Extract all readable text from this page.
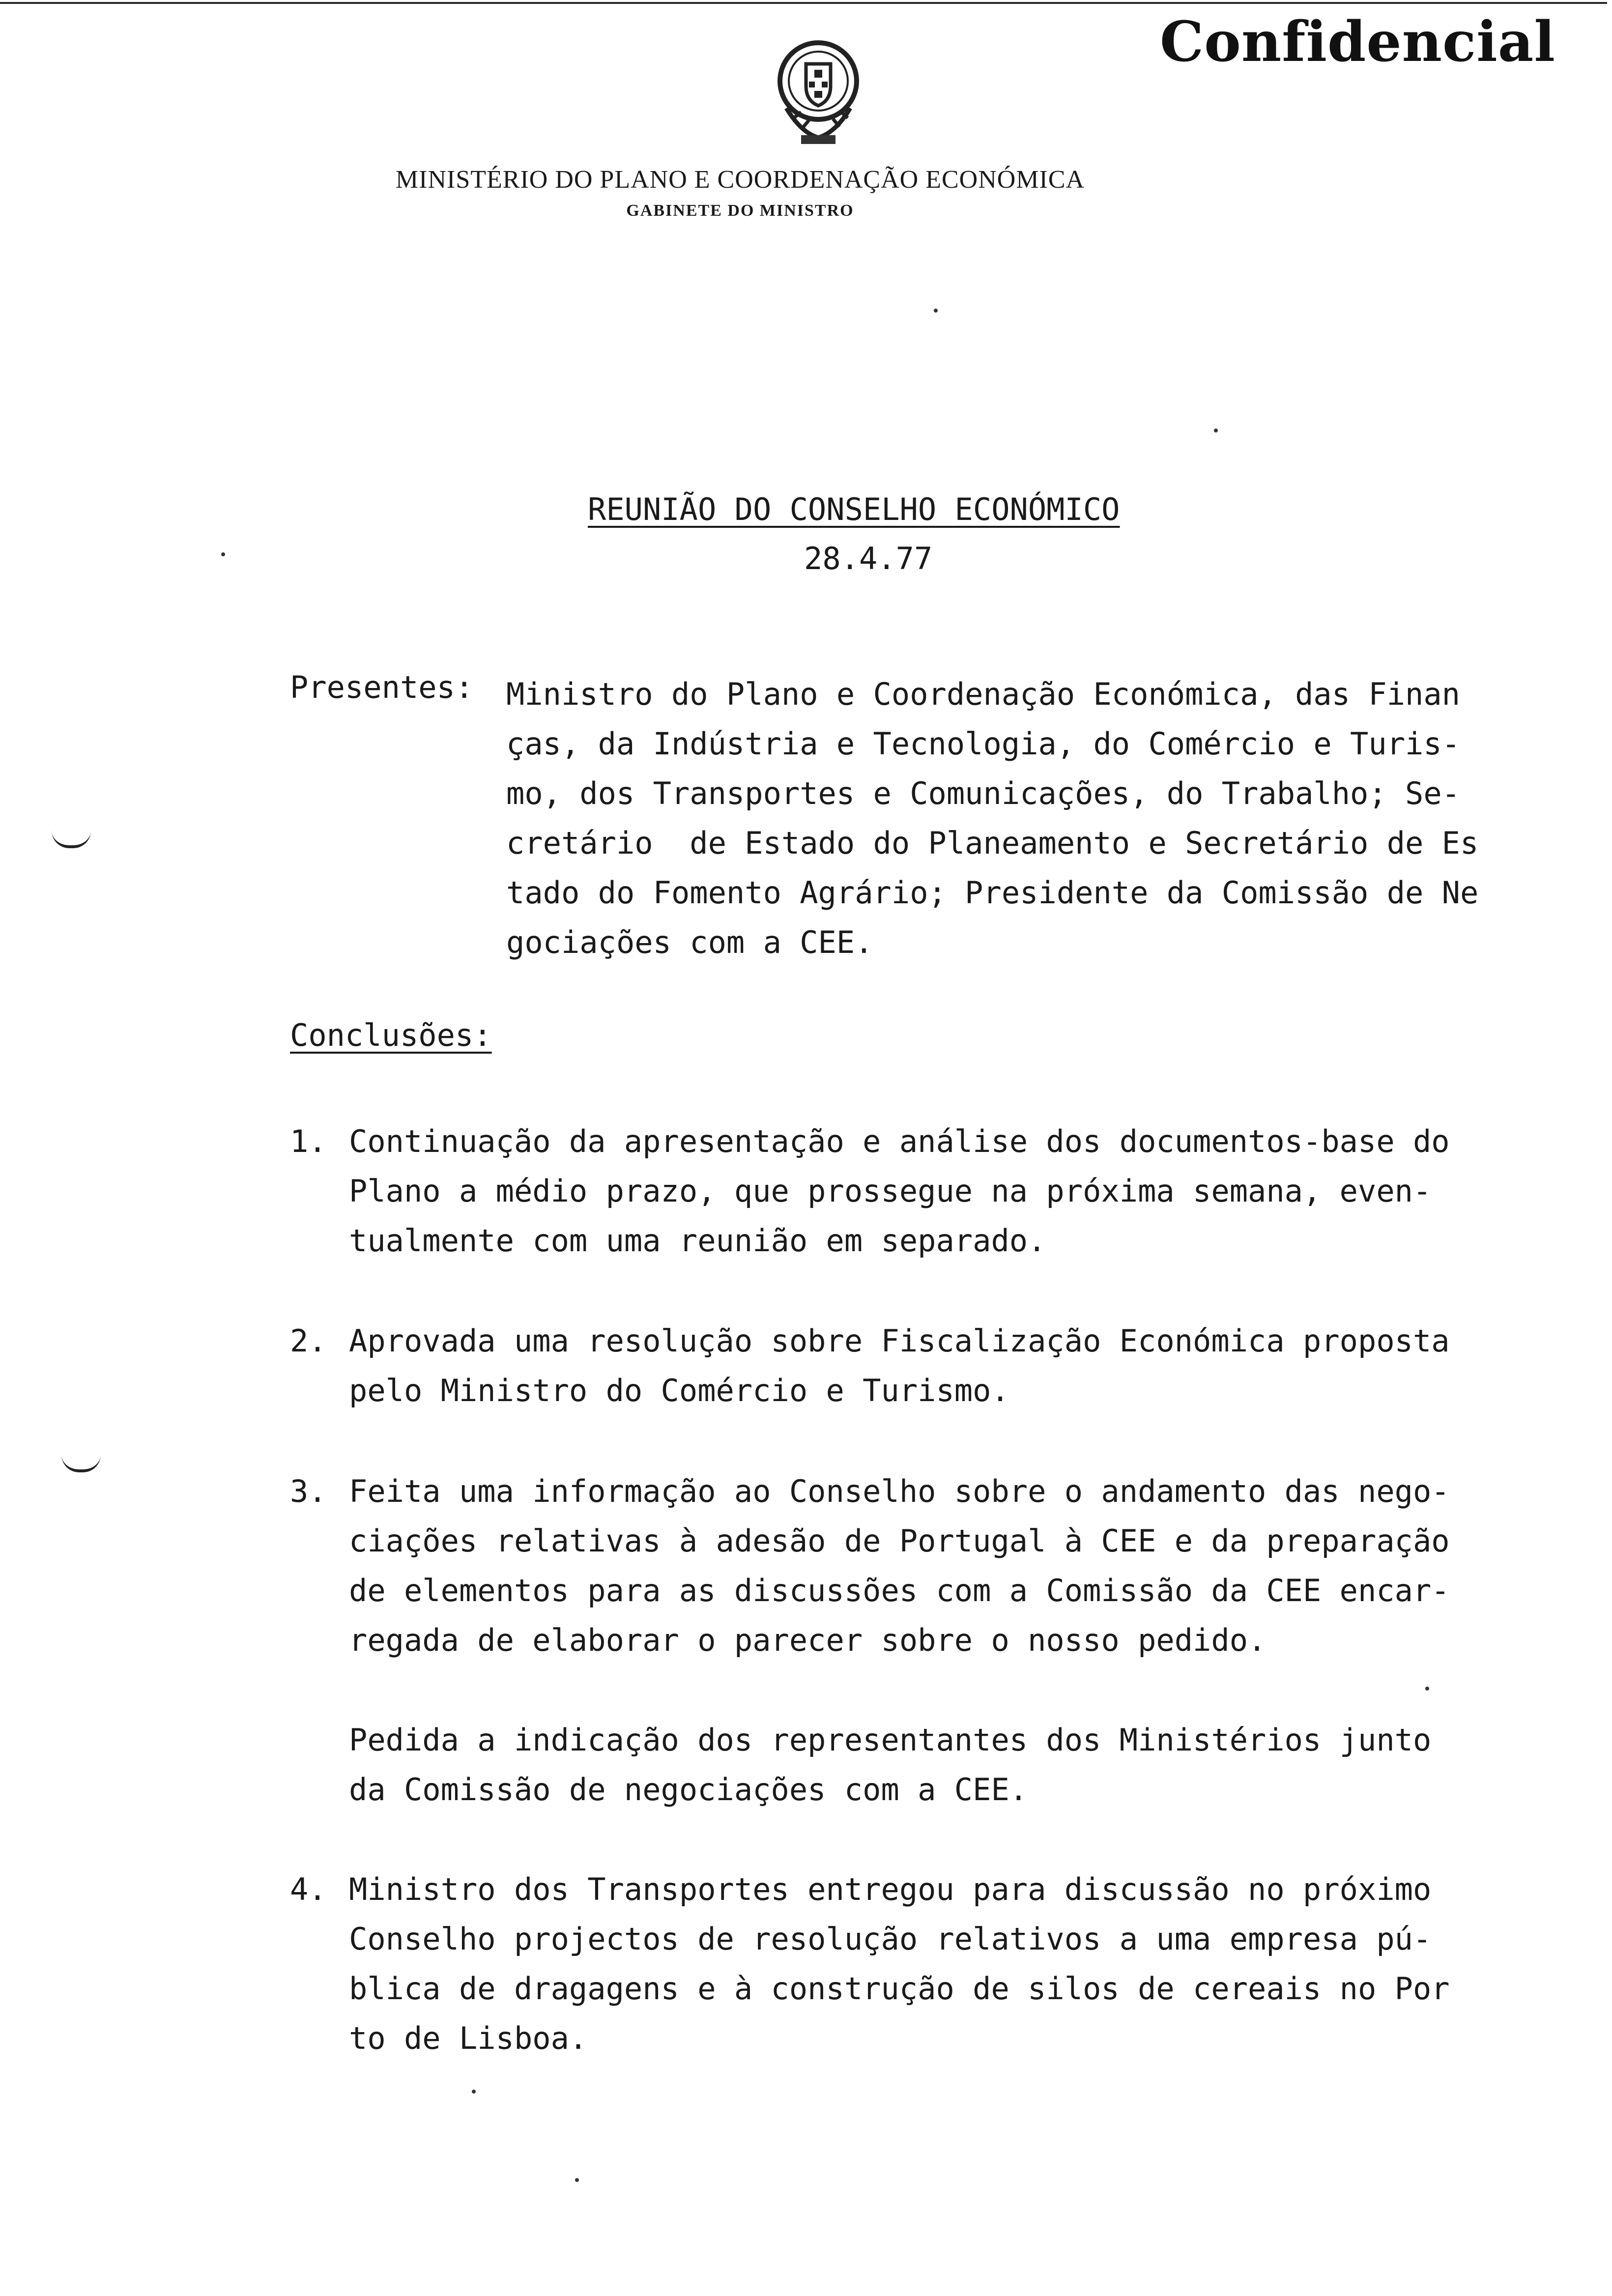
Confidencial
MINISTÉRIO DO PLANO E COORDENAÇÃO ECONÓMICA
GABINETE DO MINISTRO
REUNIÃO DO CONSELHO ECONÓMICO
28.4.77
Presentes: Ministro do Plano e Coordenação Económica, das Finan
ças, da Indústria e Tecnologia, do Comércio e Turis-
mo, dos Transportes e Comunicações, do Trabalho; Se-
cretário  de Estado do Planeamento e Secretário de Es
tado do Fomento Agrário; Presidente da Comissão de Ne
gociações com a CEE.
Conclusões:
1. Continuação da apresentação e análise dos documentos-base do
Plano a médio prazo, que prossegue na próxima semana, even-
tualmente com uma reunião em separado.
2. Aprovada uma resolução sobre Fiscalização Económica proposta
pelo Ministro do Comércio e Turismo.
3. Feita uma informação ao Conselho sobre o andamento das nego-
ciações relativas à adesão de Portugal à CEE e da preparação
de elementos para as discussões com a Comissão da CEE encar-
regada de elaborar o parecer sobre o nosso pedido.
Pedida a indicação dos representantes dos Ministérios junto
da Comissão de negociações com a CEE.
4. Ministro dos Transportes entregou para discussão no próximo
Conselho projectos de resolução relativos a uma empresa pú-
blica de dragagens e à construção de silos de cereais no Por
to de Lisboa.
